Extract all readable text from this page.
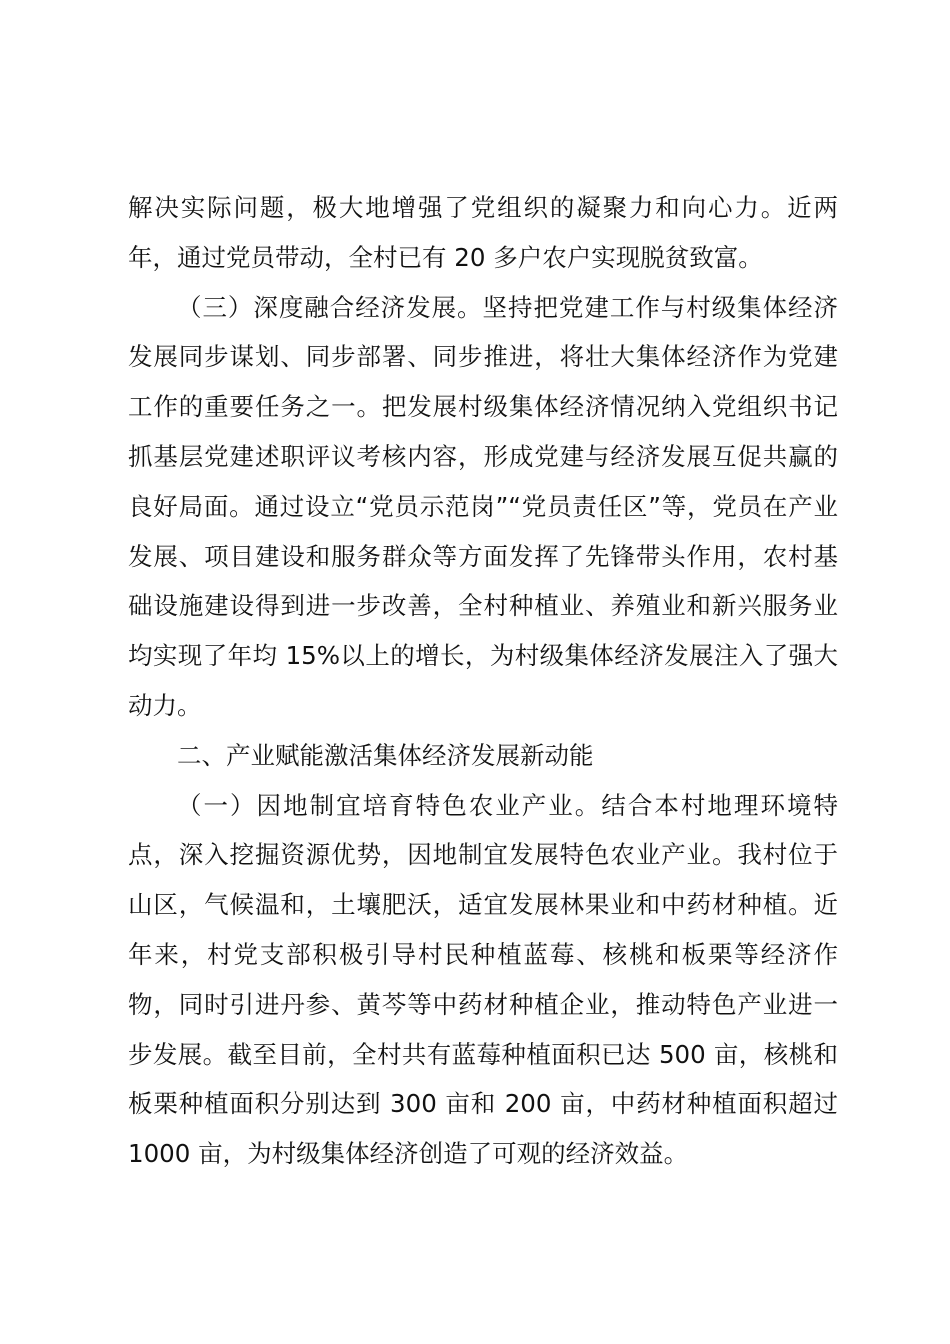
解决实际问题，极大地增强了党组织的凝聚力和向心力。近两年，通过党员带动，全村已有 20 多户农户实现脱贫致富。

（三）深度融合经济发展。坚持把党建工作与村级集体经济发展同步谋划、同步部署、同步推进，将壮大集体经济作为党建工作的重要任务之一。把发展村级集体经济情况纳入党组织书记抓基层党建述职评议考核内容，形成党建与经济发展互促共赢的良好局面。通过设立“党员示范岗”“党员责任区”等，党员在产业发展、项目建设和服务群众等方面发挥了先锋带头作用，农村基础设施建设得到进一步改善，全村种植业、养殖业和新兴服务业均实现了年均 15%以上的增长，为村级集体经济发展注入了强大动力。

二、产业赋能激活集体经济发展新动能

（一）因地制宜培育特色农业产业。结合本村地理环境特点，深入挖掘资源优势，因地制宜发展特色农业产业。我村位于山区，气候温和，土壤肥沃，适宜发展林果业和中药材种植。近年来，村党支部积极引导村民种植蓝莓、核桃和板栗等经济作物，同时引进丹参、黄芩等中药材种植企业，推动特色产业进一步发展。截至目前，全村共有蓝莓种植面积已达 500 亩，核桃和板栗种植面积分别达到 300 亩和 200 亩，中药材种植面积超过 1000 亩，为村级集体经济创造了可观的经济效益。
